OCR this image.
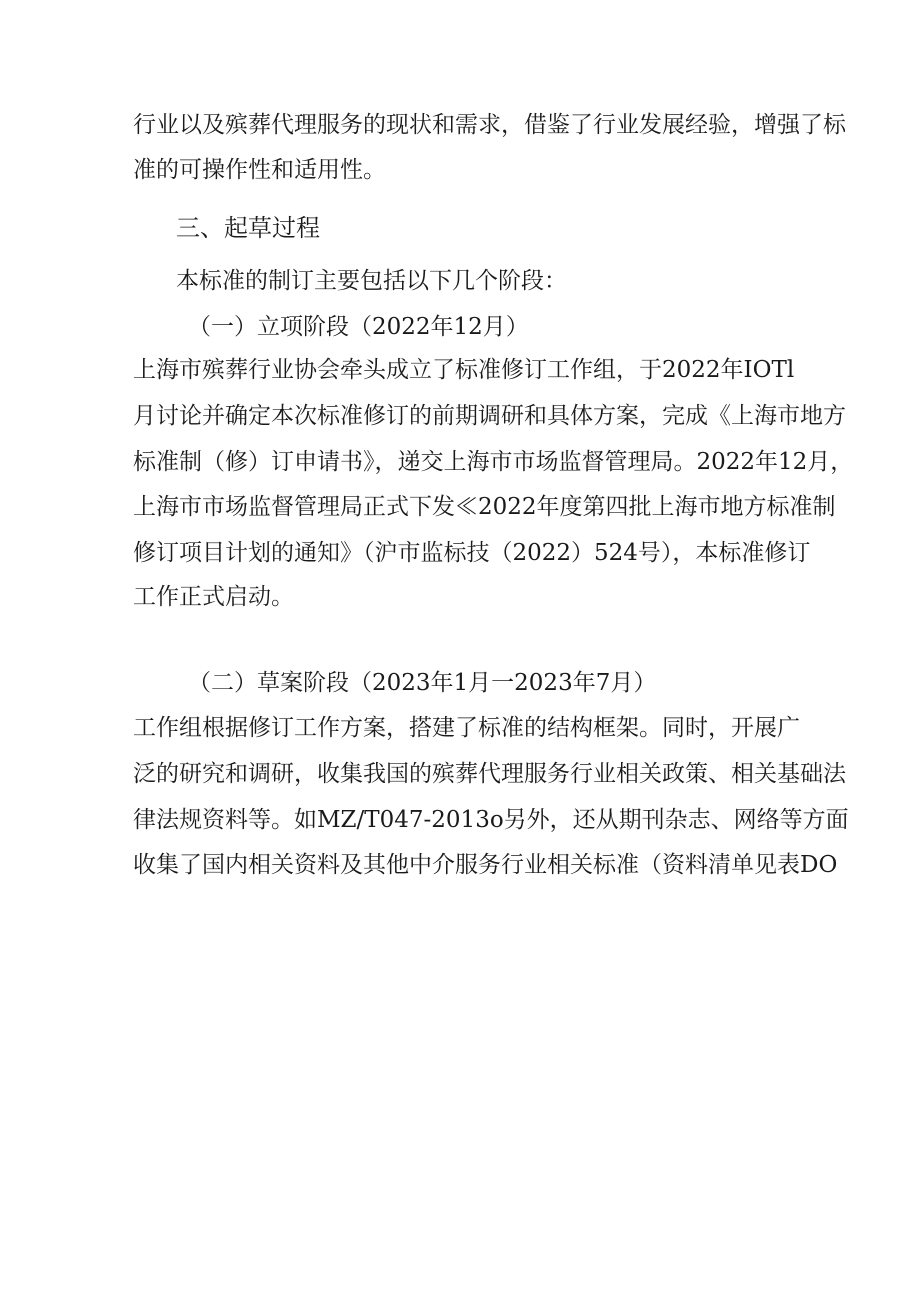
行业以及殡葬代理服务的现状和需求，借鉴了行业发展经验，增强了标
准的可操作性和适用性。
三、起草过程
本标准的制订主要包括以下几个阶段：
（一）立项阶段（2022年12月）
上海市殡葬行业协会牵头成立了标准修订工作组，于2022年IOTl
月讨论并确定本次标准修订的前期调研和具体方案，完成《上海市地方
标准制（修）订申请书》，递交上海市市场监督管理局。2022年12月，
上海市市场监督管理局正式下发≪2022年度第四批上海市地方标准制
修订项目计划的通知》（沪市监标技（2022）524号），本标准修订
工作正式启动。
（二）草案阶段（2023年1月一2023年7月）
工作组根据修订工作方案，搭建了标准的结构框架。同时，开展广
泛的研究和调研，收集我国的殡葬代理服务行业相关政策、相关基础法
律法规资料等。如MZ/T047-2013o另外，还从期刊杂志、网络等方面
收集了国内相关资料及其他中介服务行业相关标准（资料清单见表DO
